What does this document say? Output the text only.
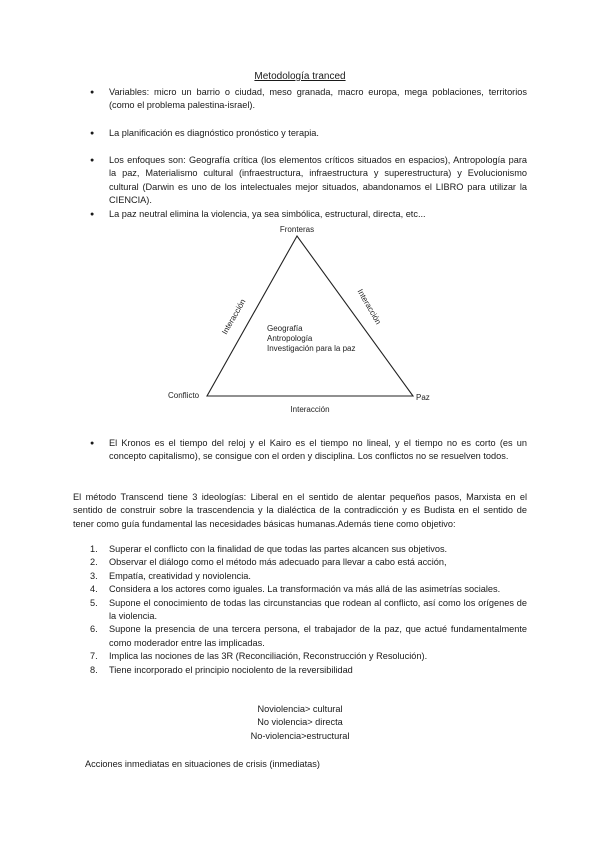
Metodología tranced
● Variables: micro un barrio o ciudad, meso granada, macro europa, mega poblaciones, territorios (como el problema palestina-israel).
● La planificación es diagnóstico pronóstico y terapia.
● Los enfoques son: Geografía crítica (los elementos críticos situados en espacios), Antropología para la paz, Materialismo cultural (infraestructura, infraestructura y superestructura) y Evolucionismo cultural (Darwin es uno de los intelectuales mejor situados, abandonamos el LIBRO para utilizar la CIENCIA).
● La paz neutral elimina la violencia, ya sea simbólica, estructural, directa, etc...
Fronteras
Conflicto	Paz
Interacción
Interacción	Interacción
Geografía
Antropología
Investigación para la paz
● El Kronos es el tiempo del reloj y el Kairo es el tiempo no lineal, y el tiempo no es corto (es un concepto capitalismo), se consigue con el orden y disciplina. Los conflictos no se resuelven todos.
El método Transcend tiene 3 ideologías: Liberal en el sentido de alentar pequeños pasos, Marxista en el sentido de construir sobre la trascendencia y la dialéctica de la contradicción y es Budista en el sentido de tener como guía fundamental las necesidades básicas humanas.Además tiene como objetivo:
1. Superar el conflicto con la finalidad de que todas las partes alcancen sus objetivos.
2. Observar el diálogo como el método más adecuado para llevar a cabo está acción,
3. Empatía, creatividad y noviolencia.
4. Considera a los actores como iguales. La transformación va más allá de las asimetrías sociales.
5. Supone el conocimiento de todas las circunstancias que rodean al conflicto, así como los orígenes de la violencia.
6. Supone la presencia de una tercera persona, el trabajador de la paz, que actué fundamentalmente como moderador entre las implicadas.
7. Implica las nociones de las 3R (Reconciliación, Reconstrucción y Resolución).
8. Tiene incorporado el principio nociolento de la reversibilidad
Noviolencia> cultural
No violencia> directa
No-violencia>estructural
Acciones inmediatas en situaciones de crisis (inmediatas)
